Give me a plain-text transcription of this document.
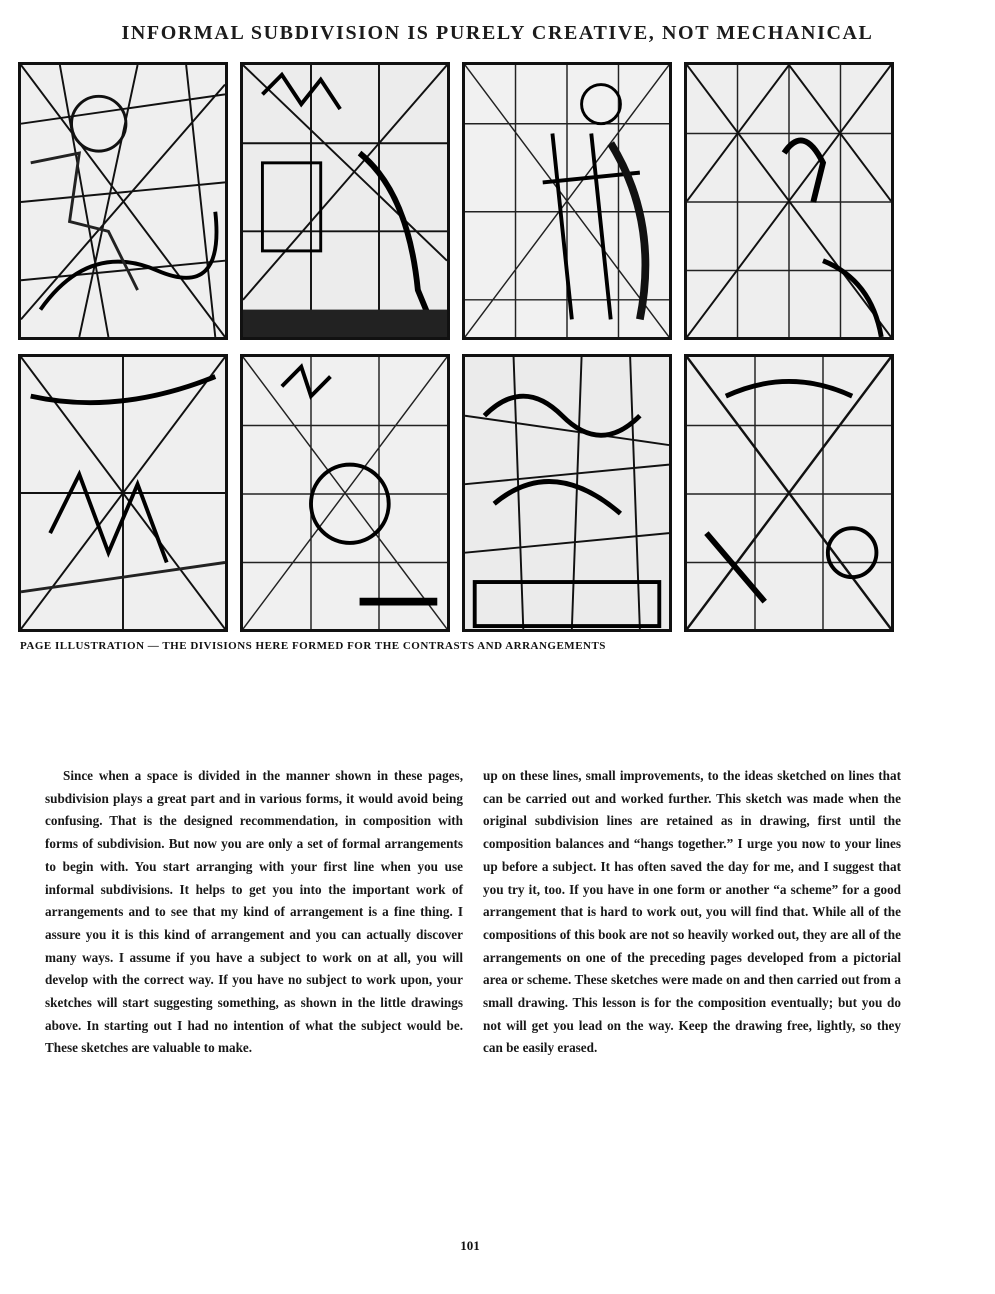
INFORMAL SUBDIVISION IS PURELY CREATIVE, NOT MECHANICAL
PAGE ILLUSTRATION — THE DIVISIONS HERE FORMED FOR THE CONTRASTS AND ARRANGEMENTS
Since when a space is divided in the manner shown in these pages, subdivision plays a great part and in various forms, it would avoid being confusing. That is the designed recommendation, in composition with forms of subdivision. But now you are only a set of formal arrangements to begin with. You start arranging with your first line when you use informal subdivisions. It helps to get you into the important work of arrangements and to see that my kind of arrangement is a fine thing. I assure you it is this kind of arrangement and you can actually discover many ways. I assume if you have a subject to work on at all, you will develop with the correct way. If you have no subject to work upon, your sketches will start suggesting something, as shown in the little drawings above. In starting out I had no intention of what the subject would be. These sketches are valuable to make.
up on these lines, small improvements, to the ideas sketched on lines that can be carried out and worked further. This sketch was made when the original subdivision lines are retained as in drawing, first until the composition balances and “hangs together.” I urge you now to your lines up before a subject. It has often saved the day for me, and I suggest that you try it, too. If you have in one form or another “a scheme” for a good arrangement that is hard to work out, you will find that. While all of the compositions of this book are not so heavily worked out, they are all of the arrangements on one of the preceding pages developed from a pictorial area or scheme. These sketches were made on and then carried out from a small drawing. This lesson is for the composition eventually; but you do not will get you lead on the way. Keep the drawing free, lightly, so they can be easily erased.
101
